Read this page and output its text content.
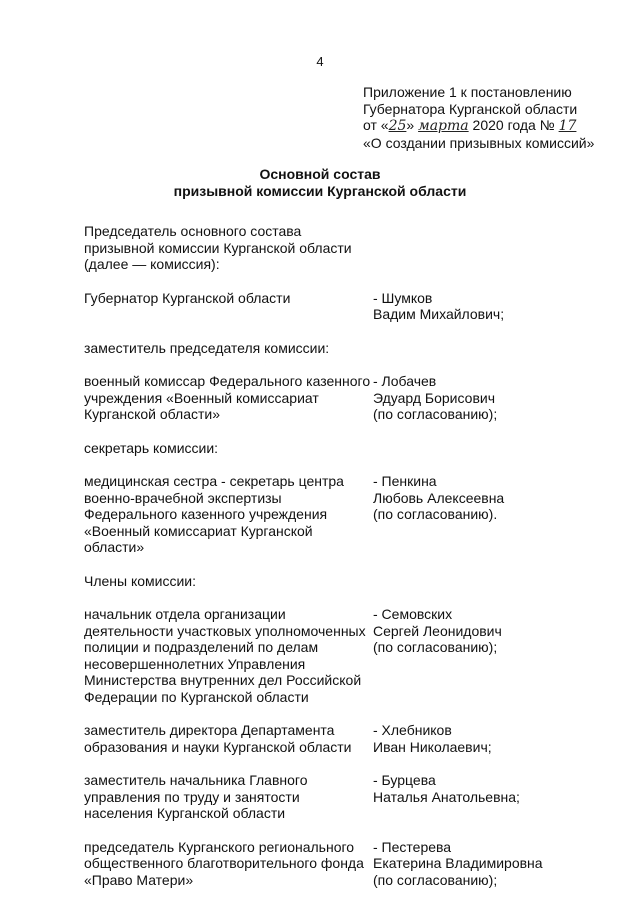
4
Приложение 1 к постановлению
Губернатора Курганской области
от «25» марта 2020 года № 17
«О создании призывных комиссий»
Основной состав
призывной комиссии Курганской области
Председатель основного состава
призывной комиссии Курганской области
(далее — комиссия):
Губернатор Курганской области	- Шумков
Вадим Михайлович;
заместитель председателя комиссии:
военный комиссар Федерального казенного
учреждения «Военный комиссариат
Курганской области»
- Лобачев
Эдуард Борисович
(по согласованию);
секретарь комиссии:
медицинская сестра - секретарь центра
военно-врачебной экспертизы
Федерального казенного учреждения
«Военный комиссариат Курганской
области»
- Пенкина
Любовь Алексеевна
(по согласованию).
Члены комиссии:
начальник отдела организации
деятельности участковых уполномоченных
полиции и подразделений по делам
несовершеннолетних Управления
Министерства внутренних дел Российской
Федерации по Курганской области
- Семовских
Сергей Леонидович
(по согласованию);
заместитель директора Департамента
образования и науки Курганской области
- Хлебников
Иван Николаевич;
заместитель начальника Главного
управления по труду и занятости
населения Курганской области
- Бурцева
Наталья Анатольевна;
председатель Курганского регионального
общественного благотворительного фонда
«Право Матери»
- Пестерева
Екатерина Владимировна
(по согласованию);
